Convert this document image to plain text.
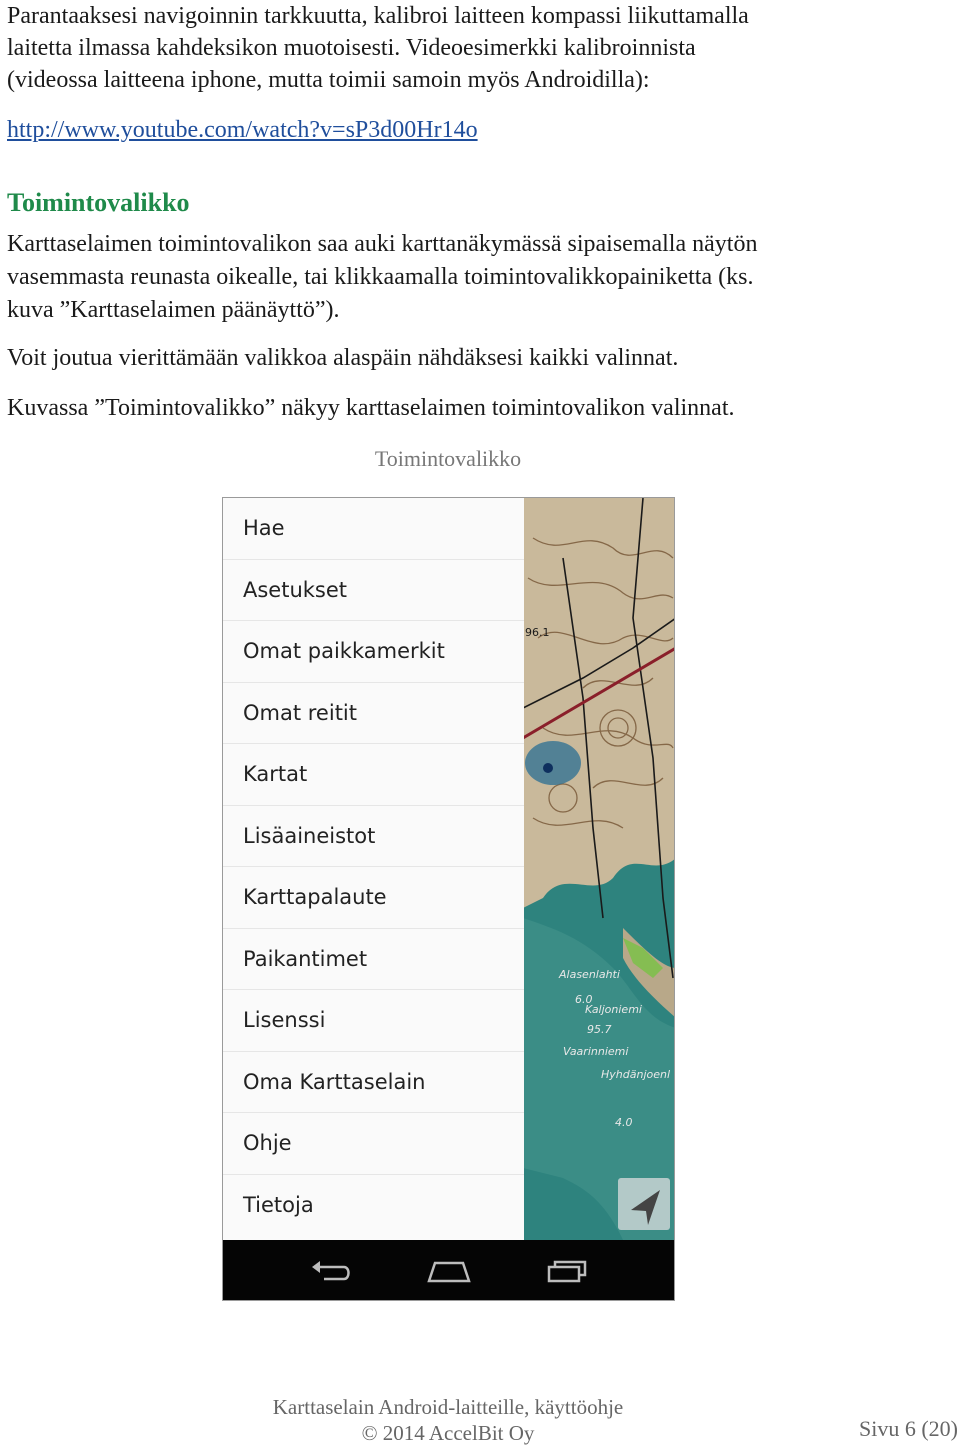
Parantaaksesi navigoinnin tarkkuutta, kalibroi laitteen kompassi liikuttamalla

laitetta ilmassa kahdeksikon muotoisesti. Videoesimerkki kalibroinnista

(videossa laitteena iphone, mutta toimii samoin myös Androidilla):

http://www.youtube.com/watch?v=sP3d00Hr14o
Toimintovalikko

Karttaselaimen toimintovalikon saa auki karttanäkymässä sipaisemalla näytön

vasemmasta reunasta oikealle, tai klikkaamalla toimintovalikkopainiketta (ks.

kuva ”Karttaselaimen päänäyttö”).

Voit joutua vierittämään valikkoa alaspäin nähdäksesi kaikki valinnat.

Kuvassa ”Toimintovalikko” näkyy karttaselaimen toimintovalikon valinnat.

Toimintovalikko
96.1
Alasenlahti
6.0
Kaljoniemi
95.7
Vaarinniemi
Hyhdänjoenl
4.0
Hae
Asetukset
Omat paikkamerkit
Omat reitit
Kartat
Lisäaineistot
Karttapalaute
Paikantimet
Lisenssi
Oma Karttaselain
Ohje
Tietoja
Karttaselain Android-laitteille, käyttöohje
© 2014 AccelBit Oy	Sivu 6 (20)
